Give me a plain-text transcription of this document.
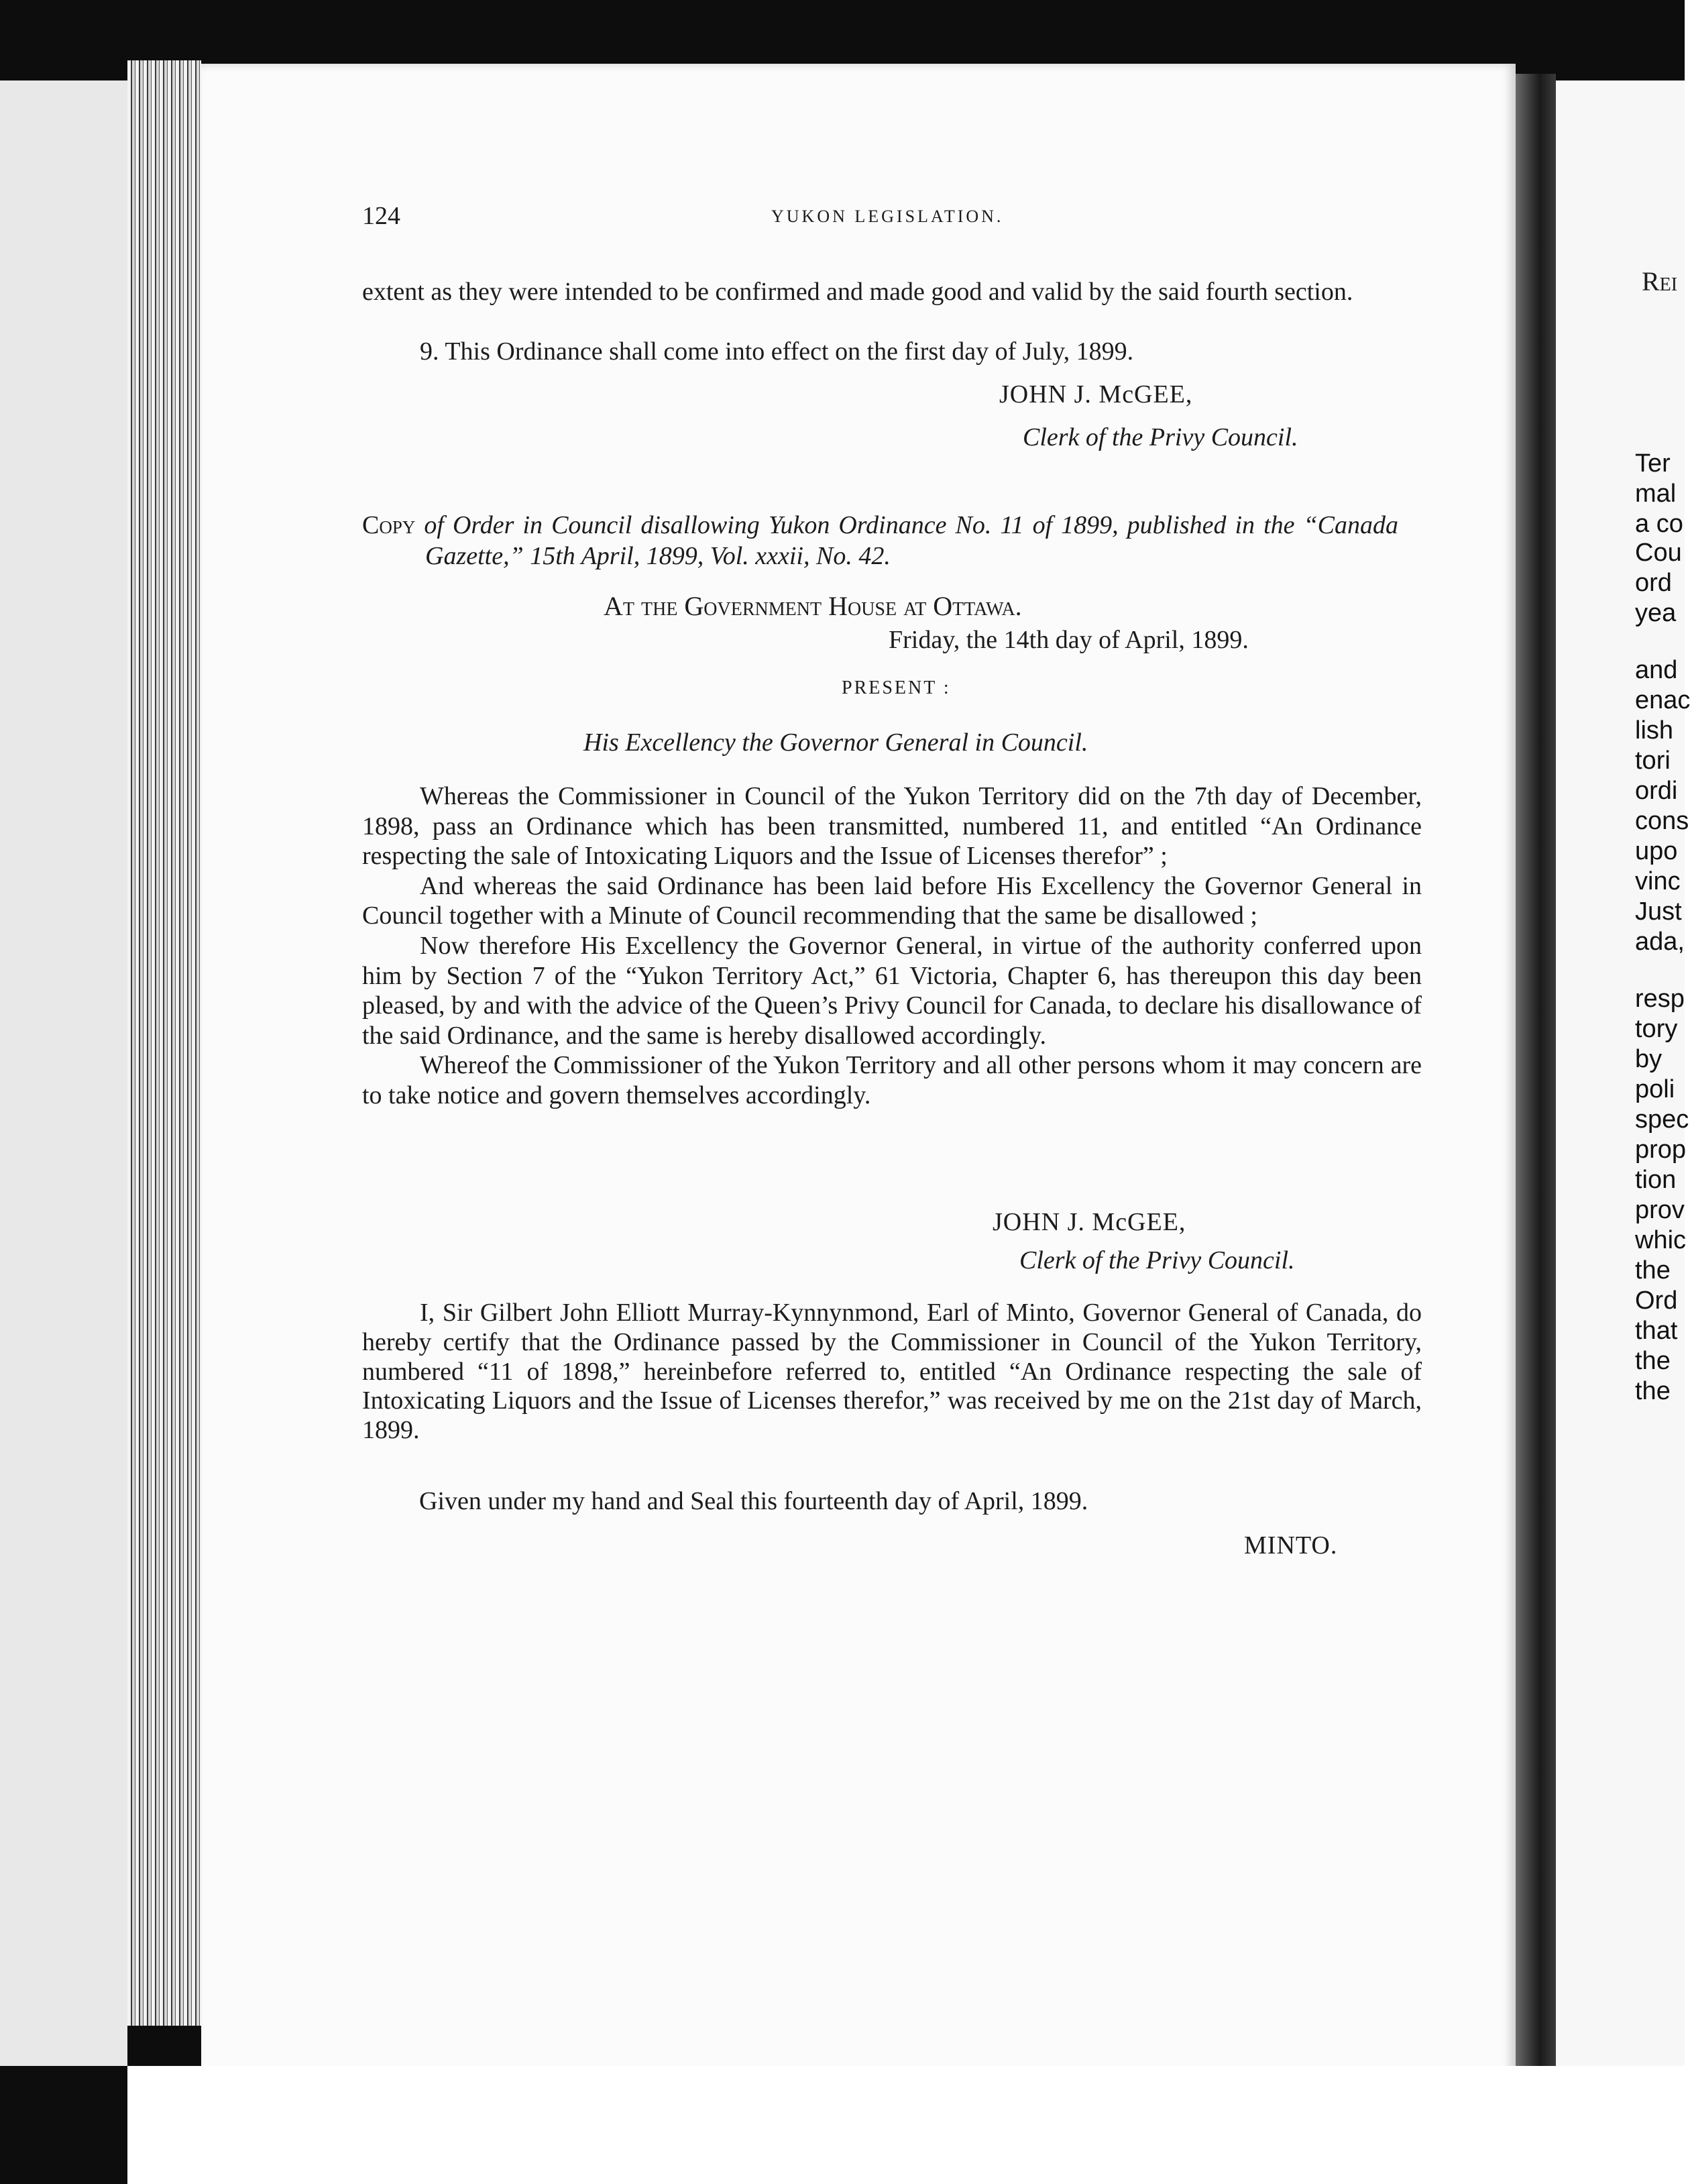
124	YUKON LEGISLATION.

extent as they were intended to be confirmed and made good and valid by the said fourth section.

9. This Ordinance shall come into effect on the first day of July, 1899.

JOHN J. McGEE,
Clerk of the Privy Council.

Copy of Order in Council disallowing Yukon Ordinance No. 11 of 1899, published in the “Canada Gazette,” 15th April, 1899, Vol. xxxii, No. 42.

At the Government House at Ottawa.
Friday, the 14th day of April, 1899.
PRESENT :
His Excellency the Governor General in Council.

Whereas the Commissioner in Council of the Yukon Territory did on the 7th day of December, 1898, pass an Ordinance which has been transmitted, numbered 11, and entitled “An Ordinance respecting the sale of Intoxicating Liquors and the Issue of Licenses therefor” ;

And whereas the said Ordinance has been laid before His Excellency the Governor General in Council together with a Minute of Council recommending that the same be disallowed ;

Now therefore His Excellency the Governor General, in virtue of the authority conferred upon him by Section 7 of the “Yukon Territory Act,” 61 Victoria, Chapter 6, has thereupon this day been pleased, by and with the advice of the Queen’s Privy Council for Canada, to declare his disallowance of the said Ordinance, and the same is hereby disallowed accordingly.

Whereof the Commissioner of the Yukon Territory and all other persons whom it may concern are to take notice and govern themselves accordingly.

JOHN J. McGEE,
Clerk of the Privy Council.

I, Sir Gilbert John Elliott Murray-Kynnynmond, Earl of Minto, Governor General of Canada, do hereby certify that the Ordinance passed by the Commissioner in Council of the Yukon Territory, numbered “11 of 1898,” hereinbefore referred to, entitled “An Ordinance respecting the sale of Intoxicating Liquors and the Issue of Licenses therefor,” was received by me on the 21st day of March, 1899.

Given under my hand and Seal this fourteenth day of April, 1899.
MINTO.
Rei
Ter
mal
a co
Cou
ord
yea
and
enac
lish
tori
ordi
cons
upo
vinc
Just
ada,
resp
tory
by
poli
spec
prop
tion
prov
whic
the
Ord
that
the
the
